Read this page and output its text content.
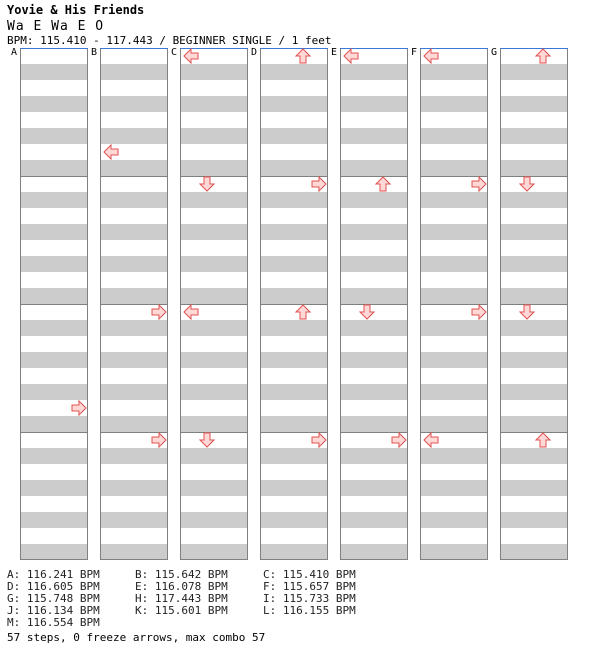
Yovie & His Friends
Wa E Wa E O
BPM: 115.410 - 117.443 / BEGINNER SINGLE / 1 feet
A	B	C	D	E	F	G
A: 116.241 BPM	B: 115.642 BPM	C: 115.410 BPM
D: 116.605 BPM	E: 116.078 BPM	F: 115.657 BPM
G: 115.748 BPM	H: 117.443 BPM	I: 115.733 BPM
J: 116.134 BPM	K: 115.601 BPM	L: 116.155 BPM
M: 116.554 BPM
57 steps, 0 freeze arrows, max combo 57
